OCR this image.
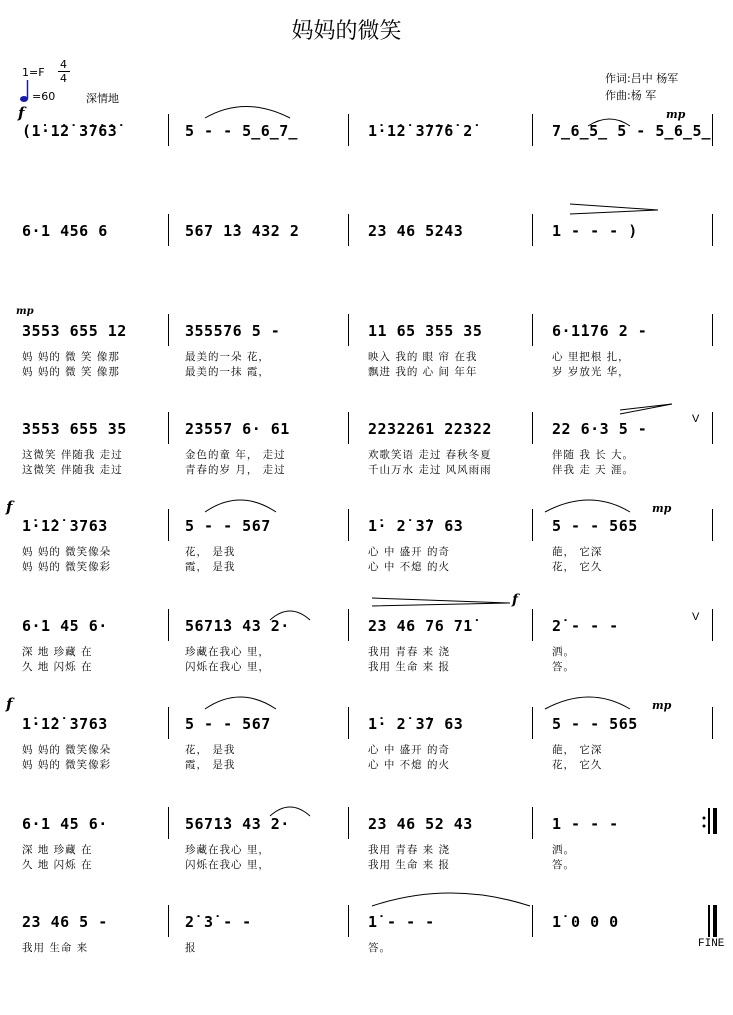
妈妈的微笑
1=F
4
4
=60	深情地
作词:吕中 杨军
作曲:杨 军
(1̇·1̇2̇ 3̇7̇6̇3̇	5 - - 5̲6̲7̲	1̇·1̇2̇ 3̇7̇7̇6̇ 2̇	7̲6̲5̲ 5 - 5̲6̲5̲
6·1 456 6	567 1̇3 432 2	23 46 5243	1 - - - )
3553 655 12
妈 妈的 微 笑 像那
妈 妈的 微 笑 像那
355576 5 -
最美的一朵 花，
最美的一抹 霞，
11 65 355 35
映入 我的 眼 帘 在我
飘进 我的 心 间 年年
6·1̇176 2 -
心 里把根 扎，
岁 岁放光 华，
3553 655 35
这微笑 伴随我 走过
这微笑 伴随我 走过
23557 6· 61
金色的童 年， 走过
青春的岁 月， 走过
2232261 22322
欢歌笑语 走过 春秋冬夏
千山万水 走过 风风雨雨
22 6·3 5 -
伴随 我 长 大。
伴我 走 天 涯。
1̇·1̇2̇ 3763
妈 妈的 微笑像朵
妈 妈的 微笑像彩
5 - - 567
花， 是我
霞， 是我
1̇· 2̇ 3̇7 63
心 中 盛开 的奇
心 中 不熄 的火
5 - - 565
葩， 它深
花， 它久
6·1 45 6·
深 地 珍藏 在
久 地 闪烁 在
5671̇3 43 2·
珍藏在我心 里，
闪烁在我心 里，
23 46 76 71̇
我用 青春 来 浇
我用 生命 来 报
2̇ - - -
洒。
答。
1̇·1̇2̇ 3763
妈 妈的 微笑像朵
妈 妈的 微笑像彩
5 - - 567
花， 是我
霞， 是我
1̇· 2̇ 3̇7 63
心 中 盛开 的奇
心 中 不熄 的火
5 - - 565
葩， 它深
花， 它久
6·1 45 6·
深 地 珍藏 在
久 地 闪烁 在
5671̇3 43 2·
珍藏在我心 里，
闪烁在我心 里，
23 46 52 43
我用 青春 来 浇
我用 生命 来 报
1 - - -
洒。
答。
23 46 5 -
我用 生命 来
2̇ 3̇ - -
报
1̇ - - -
答。
1̇ 0 0 0
V
V
f	mp
mp
f	mp
f
f	mp
FINE
